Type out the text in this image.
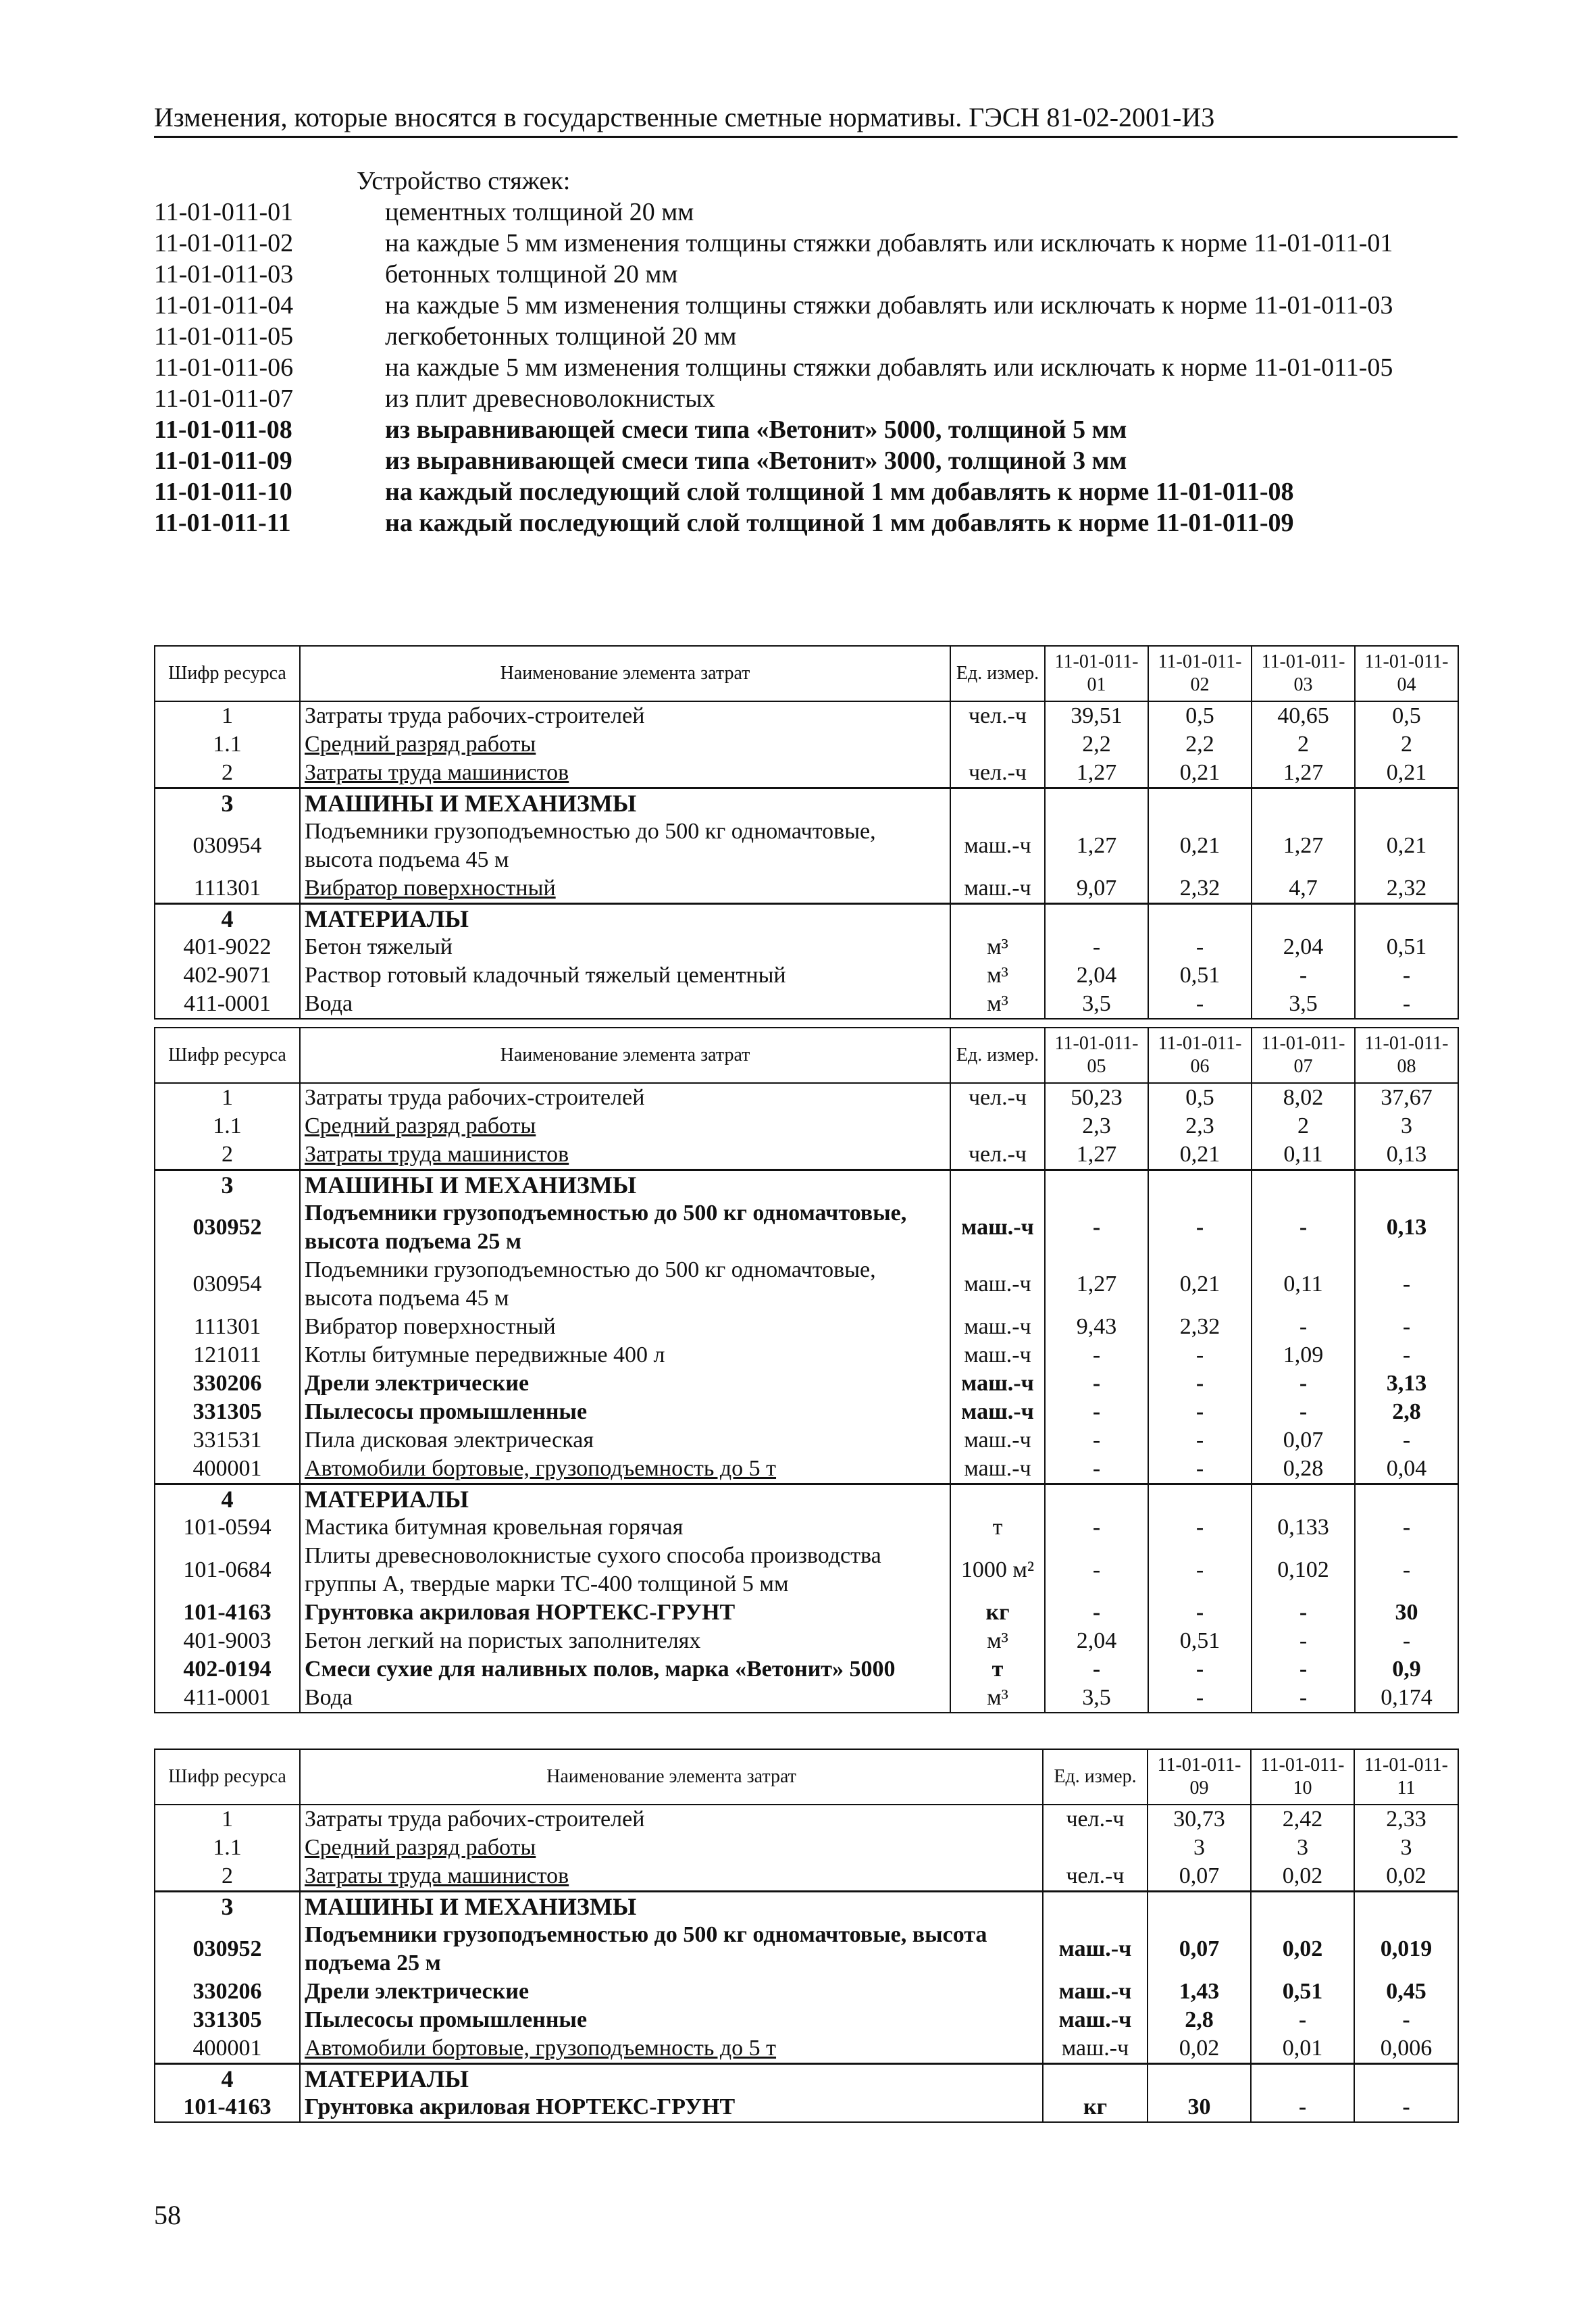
Изменения, которые вносятся в государственные сметные нормативы. ГЭСН 81-02-2001-И3
Устройство стяжек:
11-01-011-01	цементных толщиной 20 мм
11-01-011-02	на каждые 5 мм изменения толщины стяжки добавлять или исключать к норме 11-01-011-01
11-01-011-03	бетонных толщиной 20 мм
11-01-011-04	на каждые 5 мм изменения толщины стяжки добавлять или исключать к норме 11-01-011-03
11-01-011-05	легкобетонных толщиной 20 мм
11-01-011-06	на каждые 5 мм изменения толщины стяжки добавлять или исключать к норме 11-01-011-05
11-01-011-07	из плит древесноволокнистых
11-01-011-08	из выравнивающей смеси типа «Ветонит» 5000, толщиной 5 мм
11-01-011-09	из выравнивающей смеси типа «Ветонит» 3000, толщиной 3 мм
11-01-011-10	на каждый последующий слой толщиной 1 мм добавлять к норме 11-01-011-08
11-01-011-11	на каждый последующий слой толщиной 1 мм добавлять к норме 11-01-011-09
Шифр ресурса	Наименование элемента затрат	Ед. измер.	11-01-011-01	11-01-011-02	11-01-011-03	11-01-011-04
1	Затраты труда рабочих-строителей	чел.-ч	39,51	0,5	40,65	0,5
1.1	Средний разряд работы		2,2	2,2	2	2
2	Затраты труда машинистов	чел.-ч	1,27	0,21	1,27	0,21
3	МАШИНЫ И МЕХАНИЗМЫ					
030954	Подъемники грузоподъемностью до 500 кг одномачтовые, высота подъема 45 м	маш.-ч	1,27	0,21	1,27	0,21
111301	Вибратор поверхностный	маш.-ч	9,07	2,32	4,7	2,32
4	МАТЕРИАЛЫ					
401-9022	Бетон тяжелый	м³	-	-	2,04	0,51
402-9071	Раствор готовый кладочный тяжелый цементный	м³	2,04	0,51	-	-
411-0001	Вода	м³	3,5	-	3,5	-
Шифр ресурса	Наименование элемента затрат	Ед. измер.	11-01-011-05	11-01-011-06	11-01-011-07	11-01-011-08
1	Затраты труда рабочих-строителей	чел.-ч	50,23	0,5	8,02	37,67
1.1	Средний разряд работы		2,3	2,3	2	3
2	Затраты труда машинистов	чел.-ч	1,27	0,21	0,11	0,13
3	МАШИНЫ И МЕХАНИЗМЫ					
030952	Подъемники грузоподъемностью до 500 кг одномачтовые, высота подъема 25 м	маш.-ч	-	-	-	0,13
030954	Подъемники грузоподъемностью до 500 кг одномачтовые, высота подъема 45 м	маш.-ч	1,27	0,21	0,11	-
111301	Вибратор поверхностный	маш.-ч	9,43	2,32	-	-
121011	Котлы битумные передвижные 400 л	маш.-ч	-	-	1,09	-
330206	Дрели электрические	маш.-ч	-	-	-	3,13
331305	Пылесосы промышленные	маш.-ч	-	-	-	2,8
331531	Пила дисковая электрическая	маш.-ч	-	-	0,07	-
400001	Автомобили бортовые, грузоподъемность до 5 т	маш.-ч	-	-	0,28	0,04
4	МАТЕРИАЛЫ					
101-0594	Мастика битумная кровельная горячая	т	-	-	0,133	-
101-0684	Плиты древесноволокнистые сухого способа производства группы А, твердые марки ТС-400 толщиной 5 мм	1000 м²	-	-	0,102	-
101-4163	Грунтовка акриловая НОРТЕКС-ГРУНТ	кг	-	-	-	30
401-9003	Бетон легкий на пористых заполнителях	м³	2,04	0,51	-	-
402-0194	Смеси сухие для наливных полов, марка «Ветонит» 5000	т	-	-	-	0,9
411-0001	Вода	м³	3,5	-	-	0,174
Шифр ресурса	Наименование элемента затрат	Ед. измер.	11-01-011-09	11-01-011-10	11-01-011-11
1	Затраты труда рабочих-строителей	чел.-ч	30,73	2,42	2,33
1.1	Средний разряд работы		3	3	3
2	Затраты труда машинистов	чел.-ч	0,07	0,02	0,02
3	МАШИНЫ И МЕХАНИЗМЫ				
030952	Подъемники грузоподъемностью до 500 кг одномачтовые, высота подъема 25 м	маш.-ч	0,07	0,02	0,019
330206	Дрели электрические	маш.-ч	1,43	0,51	0,45
331305	Пылесосы промышленные	маш.-ч	2,8	-	-
400001	Автомобили бортовые, грузоподъемность до 5 т	маш.-ч	0,02	0,01	0,006
4	МАТЕРИАЛЫ				
101-4163	Грунтовка акриловая НОРТЕКС-ГРУНТ	кг	30	-	-
58
